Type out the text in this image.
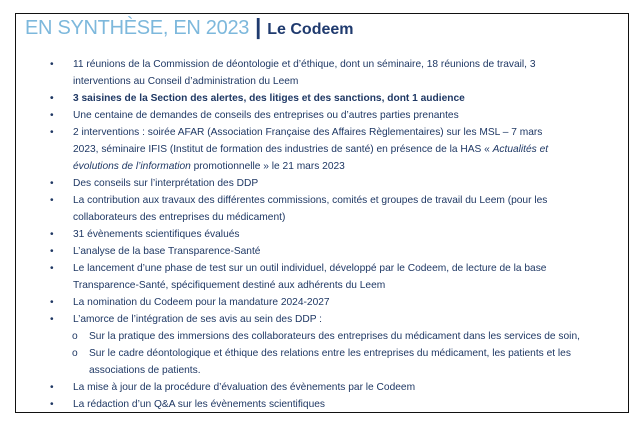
EN SYNTHÈSE, EN 2023 | Le Codeem
• 11 réunions de la Commission de déontologie et d’éthique, dont un séminaire, 18 réunions de travail, 3
interventions au Conseil d’administration du Leem
• 3 saisines de la Section des alertes, des litiges et des sanctions, dont 1 audience
• Une centaine de demandes de conseils des entreprises ou d’autres parties prenantes
• 2 interventions : soirée AFAR (Association Française des Affaires Règlementaires) sur les MSL – 7 mars
2023, séminaire IFIS (Institut de formation des industries de santé) en présence de la HAS « Actualités et
évolutions de l’information promotionnelle » le 21 mars 2023
• Des conseils sur l’interprétation des DDP
• La contribution aux travaux des différentes commissions, comités et groupes de travail du Leem (pour les
collaborateurs des entreprises du médicament)
• 31 évènements scientifiques évalués
• L’analyse de la base Transparence-Santé
• Le lancement d’une phase de test sur un outil individuel, développé par le Codeem, de lecture de la base
Transparence-Santé, spécifiquement destiné aux adhérents du Leem
• La nomination du Codeem pour la mandature 2024-2027
• L’amorce de l’intégration de ses avis au sein des DDP :
o Sur la pratique des immersions des collaborateurs des entreprises du médicament dans les services de soin,
o Sur le cadre déontologique et éthique des relations entre les entreprises du médicament, les patients et les
associations de patients.
• La mise à jour de la procédure d’évaluation des évènements par le Codeem
• La rédaction d’un Q&A sur les évènements scientifiques
